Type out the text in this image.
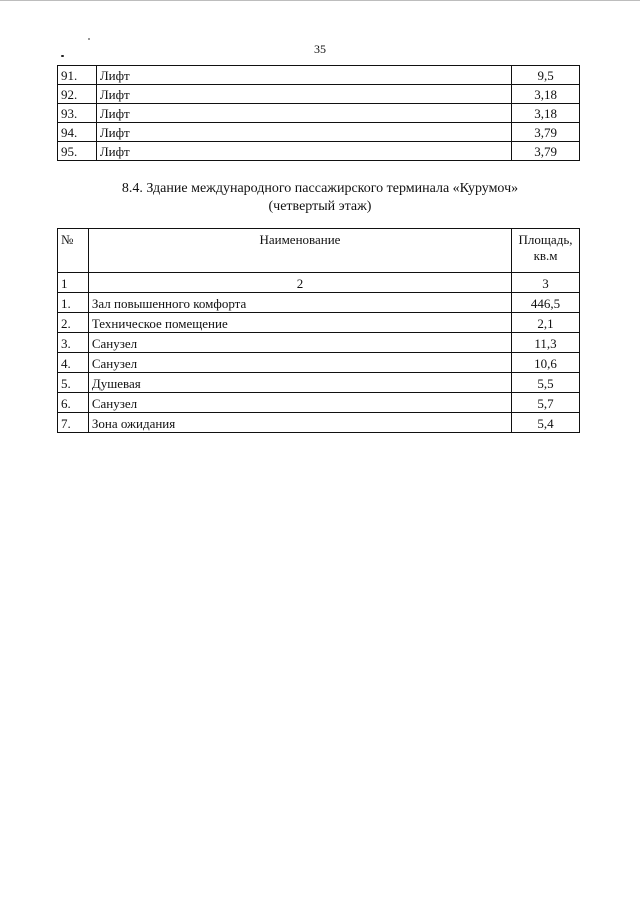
35
91.	Лифт	9,5
92.	Лифт	3,18
93.	Лифт	3,18
94.	Лифт	3,79
95.	Лифт	3,79
8.4. Здание международного пассажирского терминала «Курумоч»
(четвертый этаж)
№	Наименование	Площадь,
кв.м

1	2	3
1.	Зал повышенного комфорта	446,5
2.	Техническое помещение	2,1
3.	Санузел	11,3
4.	Санузел	10,6
5.	Душевая	5,5
6.	Санузел	5,7
7.	Зона ожидания	5,4
